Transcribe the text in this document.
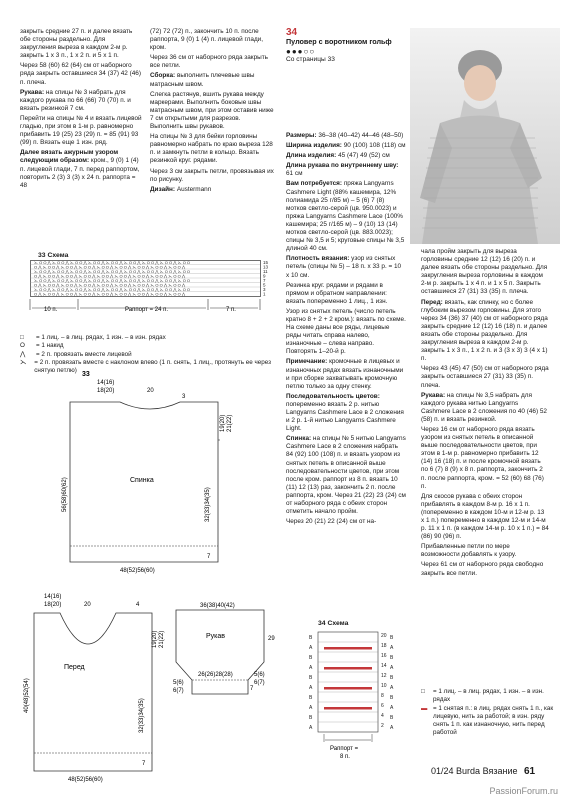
закрыть средние 27 п. и далее вязать обе стороны раздельно. Для закругления выреза в каждом 2-м р. закрыть 1 х 3 п., 1 х 2 п. и 5 х 1 п.

Через 58 (60) 62 (64) см от наборного ряда закрыть оставшиеся 34 (37) 42 (46) п. плеча.

Рукава: на спицы № 3 набрать для каждого рукава по 66 (66) 70 (70) п. и вязать резинкой 7 см.

Перейти на спицы № 4 и вязать лицевой гладью, при этом в 1-м р. равномерно прибавить 19 (25) 23 (29) п. = 85 (91) 93 (99) п. Вязать еще 1 изн. ряд.

Далее вязать ажурным узором следующим образом: кром., 9 (0) 1 (4) п. лицевой глади, 7 п. перед раппортом, повторить 2 (3) 3 (3) х 24 п. раппорта = 48

(72) 72 (72) п., закончить 10 п. после раппорта, 9 (0) 1 (4) п. лицевой глади, кром.

Через 36 см от наборного ряда закрыть все петли.

Сборка: выполнить плечевые швы матрасным швом.

Слегка растянув, вшить рукава между маркерами. Выполнить боковые швы матрасным швом, при этом оставив ниже 7 см открытыми для разрезов. Выполнить швы рукавов.

На спицы № 3 для бейки горловины равномерно набрать по краю выреза 128 п. и замкнуть петли в кольцо. Вязать резинкой круг. рядами.

Через 3 см закрыть петли, провязывая их по рисунку.

Дизайн: Austermann

34
Пуловер с воротником гольф
●●●○○
Со страницы 33

Размеры: 36–38 (40–42) 44–46 (48–50)

Ширина изделия: 90 (100) 108 (118) см

Длина изделия: 45 (47) 49 (52) см

Длина рукава по внутреннему шву: 61 см

Вам потребуется: пряжа Langyarns Cashmere Light (88% кашемира, 12% полиамида 25 г/85 м) – 5 (6) 7 (8) мотков светло-серой (цв. 950.0023) и пряжа Langyarns Cashmere Lace (100% кашемира; 25 г/165 м) – 9 (10) 13 (14) мотков светло-серой (цв. 883.0023); спицы № 3,5 и 5; круговые спицы № 3,5 длиной 40 см.

Плотность вязания: узор из снятых петель (спицы № 5) – 18 п. х 33 р. = 10 х 10 см.

Резинка круг. рядами и рядами в прямом и обратном направлении: вязать попеременно 1 лиц., 1 изн.

Узор из снятых петель (число петель кратно 8 + 2 + 2 кром.): вязать по схеме. На схеме даны все ряды, лицевые ряды читать справа налево, изнаночные – слева направо. Повторять 1–20-й р.

Примечание: кромочные в лицевых и изнаночных рядах вязать изнаночными и при сборке захватывать кромочную петлю только за одну стенку.

Последовательность цветов: попеременно вязать 2 р. нитью Langyarns Cashmere Lace в 2 сложения и 2 р. 1-й нитью Langyarns Cashmere Light.

Спинка: на спицы № 5 нитью Langyarns Cashmere Lace в 2 сложения набрать 84 (92) 100 (108) п. и вязать узором из снятых петель в описанной выше последовательности цветов, при этом после кром. раппорт из 8 п. вязать 10 (11) 12 (13) раз, закончить 2 п. после раппорта, кром. Через 21 (22) 23 (24) см от наборного ряда с обеих сторон отметить начало пройм.

Через 20 (21) 22 (24) см от на-

чала пройм закрыть для выреза горловины средние 12 (12) 16 (20) п. и далее вязать обе стороны раздельно. Для закругления выреза горловины в каждом 2-м р. закрыть 1 х 4 п. и 1 х 5 п. Закрыть оставшиеся 27 (31) 33 (35) п. плеча.

Перед: вязать, как спинку, но с более глубоким вырезом горловины. Для этого через 34 (36) 37 (40) см от наборного ряда закрыть средние 12 (12) 16 (18) п. и далее вязать обе стороны раздельно. Для закругления выреза в каждом 2-м р. закрыть 1 х 3 п., 1 х 2 п. и 3 (3 х 3) 3 (4 х 1) п.

Через 43 (45) 47 (50) см от наборного ряда закрыть оставшиеся 27 (31) 33 (35) п. плеча.

Рукава: на спицы № 3,5 набрать для каждого рукава нитью Langyarns Cashmere Lace в 2 сложения по 40 (46) 52 (58) п. и вязать резинкой.

Через 16 см от наборного ряда вязать узором из снятых петель в описанной выше последовательности цветов, при этом в 1-м р. равномерно прибавить 12 (14) 16 (18) п. и после кромочной вязать по 6 (7) 8 (9) х 8 п. раппорта, закончить 2 п. после раппорта, кром. = 52 (60) 68 (76) п.

Для скосов рукава с обеих сторон прибавлять в каждом 8-м р. 16 х 1 п. (попеременно в каждом 10-м и 12-м р. 13 х 1 п.) попеременно в каждом 12-м и 14-м р. 11 х 1 п. (в каждом 14-м р. 10 х 1 п.) = 84 (86) 90 (96) п.

Прибавленные петли по мере возможности добавлять к узору.

Через 61 см от наборного ряда свободно закрыть все петли.

33 Схема
⋋ O O ⋀ ⋋ O O ⋀ ⋋ O O ⋀ ⋋ O O ⋀ ⋋ O O ⋀ ⋋ O O ⋀ ⋋ O O ⋀ ⋋ O O ⋀ ⋋ O O
O ⋀ ⋋ O O ⋀ ⋋ O O ⋀ ⋋ O O ⋀ ⋋ O O ⋀ ⋋ O O ⋀ ⋋ O O ⋀ ⋋ O O ⋀ ⋋ O O ⋀
⋋ O O ⋀ ⋋ O O ⋀ ⋋ O O ⋀ ⋋ O O ⋀ ⋋ O O ⋀ ⋋ O O ⋀ ⋋ O O ⋀ ⋋ O O ⋀ ⋋ O O
O ⋀ ⋋ O O ⋀ ⋋ O O ⋀ ⋋ O O ⋀ ⋋ O O ⋀ ⋋ O O ⋀ ⋋ O O ⋀ ⋋ O O ⋀ ⋋ O O ⋀
⋋ O O ⋀ ⋋ O O ⋀ ⋋ O O ⋀ ⋋ O O ⋀ ⋋ O O ⋀ ⋋ O O ⋀ ⋋ O O ⋀ ⋋ O O ⋀ ⋋ O O
O ⋀ ⋋ O O ⋀ ⋋ O O ⋀ ⋋ O O ⋀ ⋋ O O ⋀ ⋋ O O ⋀ ⋋ O O ⋀ ⋋ O O ⋀ ⋋ O O ⋀
⋋ O O ⋀ ⋋ O O ⋀ ⋋ O O ⋀ ⋋ O O ⋀ ⋋ O O ⋀ ⋋ O O ⋀ ⋋ O O ⋀ ⋋ O O ⋀ ⋋ O O
O ⋀ ⋋ O O ⋀ ⋋ O O ⋀ ⋋ O O ⋀ ⋋ O O ⋀ ⋋ O O ⋀ ⋋ O O ⋀ ⋋ O O ⋀ ⋋ O O ⋀
15
13
11
9
7
5
3
1
10 п.	Раппорт = 24 п.	7 п.
□	= 1 лиц. – в лиц. рядах, 1 изн. – в изн. рядах
O	= 1 накид
⋀	= 2 п. провязать вместе лицевой
⋋	= 2 п. провязать вместе с наклоном влево (1 п. снять, 1 лиц., протянуть ее через снятую петлю)
33
Спинка
14(16)
18(20)	20
3
19(20) 21(22)
56(58)60(62)	32(33)34(35)
7
48(52)56(60)
Перед
14(16)
18(20)	20	4
19(20) 21(22)
40(48)52(54)
32(33)34(35)
7
48(52)56(60)
Рукав
36(38)40(42)
29
7
26(26)28(28)
5(6)
6(7)
5(6)
6(7)
34 Схема
В
А
В
А
В
А
В
А
В
А
20
18
16
14
12
10
8
6
4
2
В
А
В
А
В
А
В
А
В
А
Раппорт =
8 п.
□	= 1 лиц. – в лиц. рядах, 1 изн. – в изн. рядах
▬ = 1 снятая п.: в лиц. рядах снять 1 п., как лицевую, нить за работой; в изн. ряду снять 1 п. как изнаночную, нить перед работой
01/24 Burda Вязание 61
PassionForum.ru
